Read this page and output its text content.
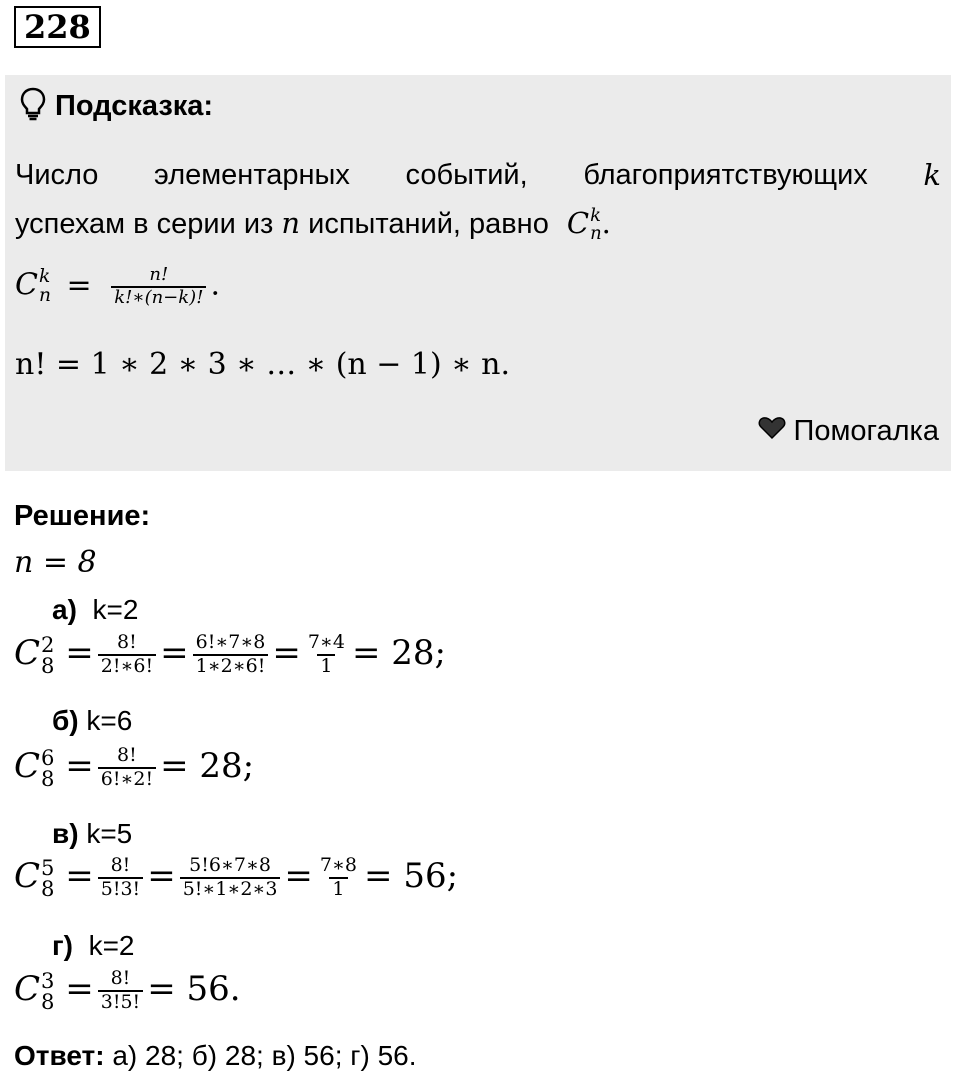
228
Подсказка:
Число элементарных событий, благоприятствующих k
успехам в серии из n испытаний, равно C k
n .
C k
$n = \frac{n!}{k!∗(n-k)!}$ .
n! = 1 ∗ 2 ∗ 3 ∗ … ∗ (n − 1) ∗ n.
Помогалка
Решение:
n = 8
а) k=2
C 2
$8 = \frac{8!}{2!∗6!} = \frac{6!∗7∗8}{1∗2∗6!} = \frac{7∗4}{1} = 28$;
б) k=6
C 6
$8 = \frac{8!}{6!∗2!} = 28$;
в) k=5
C 5
$8 = \frac{8!}{5!3!} = \frac{5!6∗7∗8}{5!∗1∗2∗3} = \frac{7∗8}{1} = 56$;
г) k=2
C 3
$8 = \frac{8!}{3!5!} = 56$.
Ответ: а) 28; б) 28; в) 56; г) 56.
